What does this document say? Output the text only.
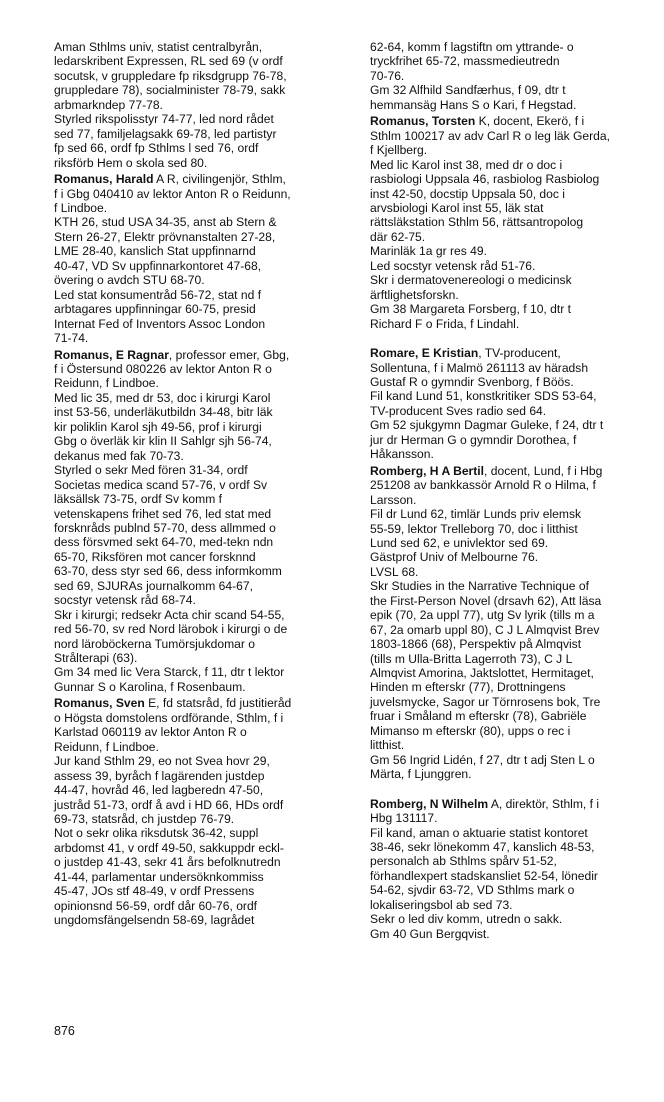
Aman Sthlms univ, statist centralbyrån,
ledarskribent Expressen, RL sed 69 (v ordf
socutsk, v gruppledare fp riksdgrupp 76-78,
gruppledare 78), socialminister 78-79, sakk
arbmarkndep 77-78.
Styrled rikspolisstyr 74-77, led nord rådet
sed 77, familjelagsakk 69-78, led partistyr
fp sed 66, ordf fp Sthlms l sed 76, ordf
riksförb Hem o skola sed 80.
Romanus, Harald A R, civilingenjör, Sthlm,
f i Gbg 040410 av lektor Anton R o Reidunn,
f Lindboe.
KTH 26, stud USA 34-35, anst ab Stern &
Stern 26-27, Elektr prövnanstalten 27-28,
LME 28-40, kanslich Stat uppfinnarnd
40-47, VD Sv uppfinnarkontoret 47-68,
övering o avdch STU 68-70.
Led stat konsumentråd 56-72, stat nd f
arbtagares uppfinningar 60-75, presid
Internat Fed of Inventors Assoc London
71-74.
Romanus, E Ragnar, professor emer, Gbg,
f i Östersund 080226 av lektor Anton R o
Reidunn, f Lindboe.
Med lic 35, med dr 53, doc i kirurgi Karol
inst 53-56, underläkutbildn 34-48, bitr läk
kir poliklin Karol sjh 49-56, prof i kirurgi
Gbg o överläk kir klin II Sahlgr sjh 56-74,
dekanus med fak 70-73.
Styrled o sekr Med fören 31-34, ordf
Societas medica scand 57-76, v ordf Sv
läksällsk 73-75, ordf Sv komm f
vetenskapens frihet sed 76, led stat med
forsknråds publnd 57-70, dess allmmed o
dess försvmed sekt 64-70, med-tekn ndn
65-70, Riksfören mot cancer forsknnd
63-70, dess styr sed 66, dess informkomm
sed 69, SJURAs journalkomm 64-67,
socstyr vetensk råd 68-74.
Skr i kirurgi; redsekr Acta chir scand 54-55,
red 56-70, sv red Nord lärobok i kirurgi o de
nord läroböckerna Tumörsjukdomar o
Strålterapi (63).
Gm 34 med lic Vera Starck, f 11, dtr t lektor
Gunnar S o Karolina, f Rosenbaum.
Romanus, Sven E, fd statsråd, fd justitieråd
o Högsta domstolens ordförande, Sthlm, f i
Karlstad 060119 av lektor Anton R o
Reidunn, f Lindboe.
Jur kand Sthlm 29, eo not Svea hovr 29,
assess 39, byråch f lagärenden justdep
44-47, hovråd 46, led lagberedn 47-50,
justråd 51-73, ordf å avd i HD 66, HDs ordf
69-73, statsråd, ch justdep 76-79.
Not o sekr olika riksdutsk 36-42, suppl
arbdomst 41, v ordf 49-50, sakkuppdr eckl-
o justdep 41-43, sekr 41 års befolknutredn
41-44, parlamentar undersöknkommiss
45-47, JOs stf 48-49, v ordf Pressens
opinionsnd 56-59, ordf dår 60-76, ordf
ungdomsfängelsendn 58-69, lagrådet
62-64, komm f lagstiftn om yttrande- o
tryckfrihet 65-72, massmedieutredn
70-76.
Gm 32 Alfhild Sandfærhus, f 09, dtr t
hemmansäg Hans S o Kari, f Hegstad.
Romanus, Torsten K, docent, Ekerö, f i
Sthlm 100217 av adv Carl R o leg läk Gerda,
f Kjellberg.
Med lic Karol inst 38, med dr o doc i
rasbiologi Uppsala 46, rasbiolog Rasbiolog
inst 42-50, docstip Uppsala 50, doc i
arvsbiologi Karol inst 55, läk stat
rättsläkstation Sthlm 56, rättsantropolog
där 62-75.
Marinläk 1a gr res 49.
Led socstyr vetensk råd 51-76.
Skr i dermatovenereologi o medicinsk
ärftlighetsforskn.
Gm 38 Margareta Forsberg, f 10, dtr t
Richard F o Frida, f Lindahl.
Romare, E Kristian, TV-producent,
Sollentuna, f i Malmö 261113 av häradsh
Gustaf R o gymndir Svenborg, f Böös.
Fil kand Lund 51, konstkritiker SDS 53-64,
TV-producent Sves radio sed 64.
Gm 52 sjukgymn Dagmar Guleke, f 24, dtr t
jur dr Herman G o gymndir Dorothea, f
Håkansson.
Romberg, H A Bertil, docent, Lund, f i Hbg
251208 av bankkassör Arnold R o Hilma, f
Larsson.
Fil dr Lund 62, timlär Lunds priv elemsk
55-59, lektor Trelleborg 70, doc i litthist
Lund sed 62, e univlektor sed 69.
Gästprof Univ of Melbourne 76.
LVSL 68.
Skr Studies in the Narrative Technique of
the First-Person Novel (drsavh 62), Att läsa
epik (70, 2a uppl 77), utg Sv lyrik (tills m a
67, 2a omarb uppl 80), C J L Almqvist Brev
1803-1866 (68), Perspektiv på Almqvist
(tills m Ulla-Britta Lagerroth 73), C J L
Almqvist Amorina, Jaktslottet, Hermitaget,
Hinden m efterskr (77), Drottningens
juvelsmycke, Sagor ur Törnrosens bok, Tre
fruar i Småland m efterskr (78), Gabriële
Mimanso m efterskr (80), upps o rec i
litthist.
Gm 56 Ingrid Lidén, f 27, dtr t adj Sten L o
Märta, f Ljunggren.
Romberg, N Wilhelm A, direktör, Sthlm, f i
Hbg 131117.
Fil kand, aman o aktuarie statist kontoret
38-46, sekr lönekomm 47, kanslich 48-53,
personalch ab Sthlms spårv 51-52,
förhandlexpert stadskansliet 52-54, lönedir
54-62, sjvdir 63-72, VD Sthlms mark o
lokaliseringsbol ab sed 73.
Sekr o led div komm, utredn o sakk.
Gm 40 Gun Bergqvist.
876
